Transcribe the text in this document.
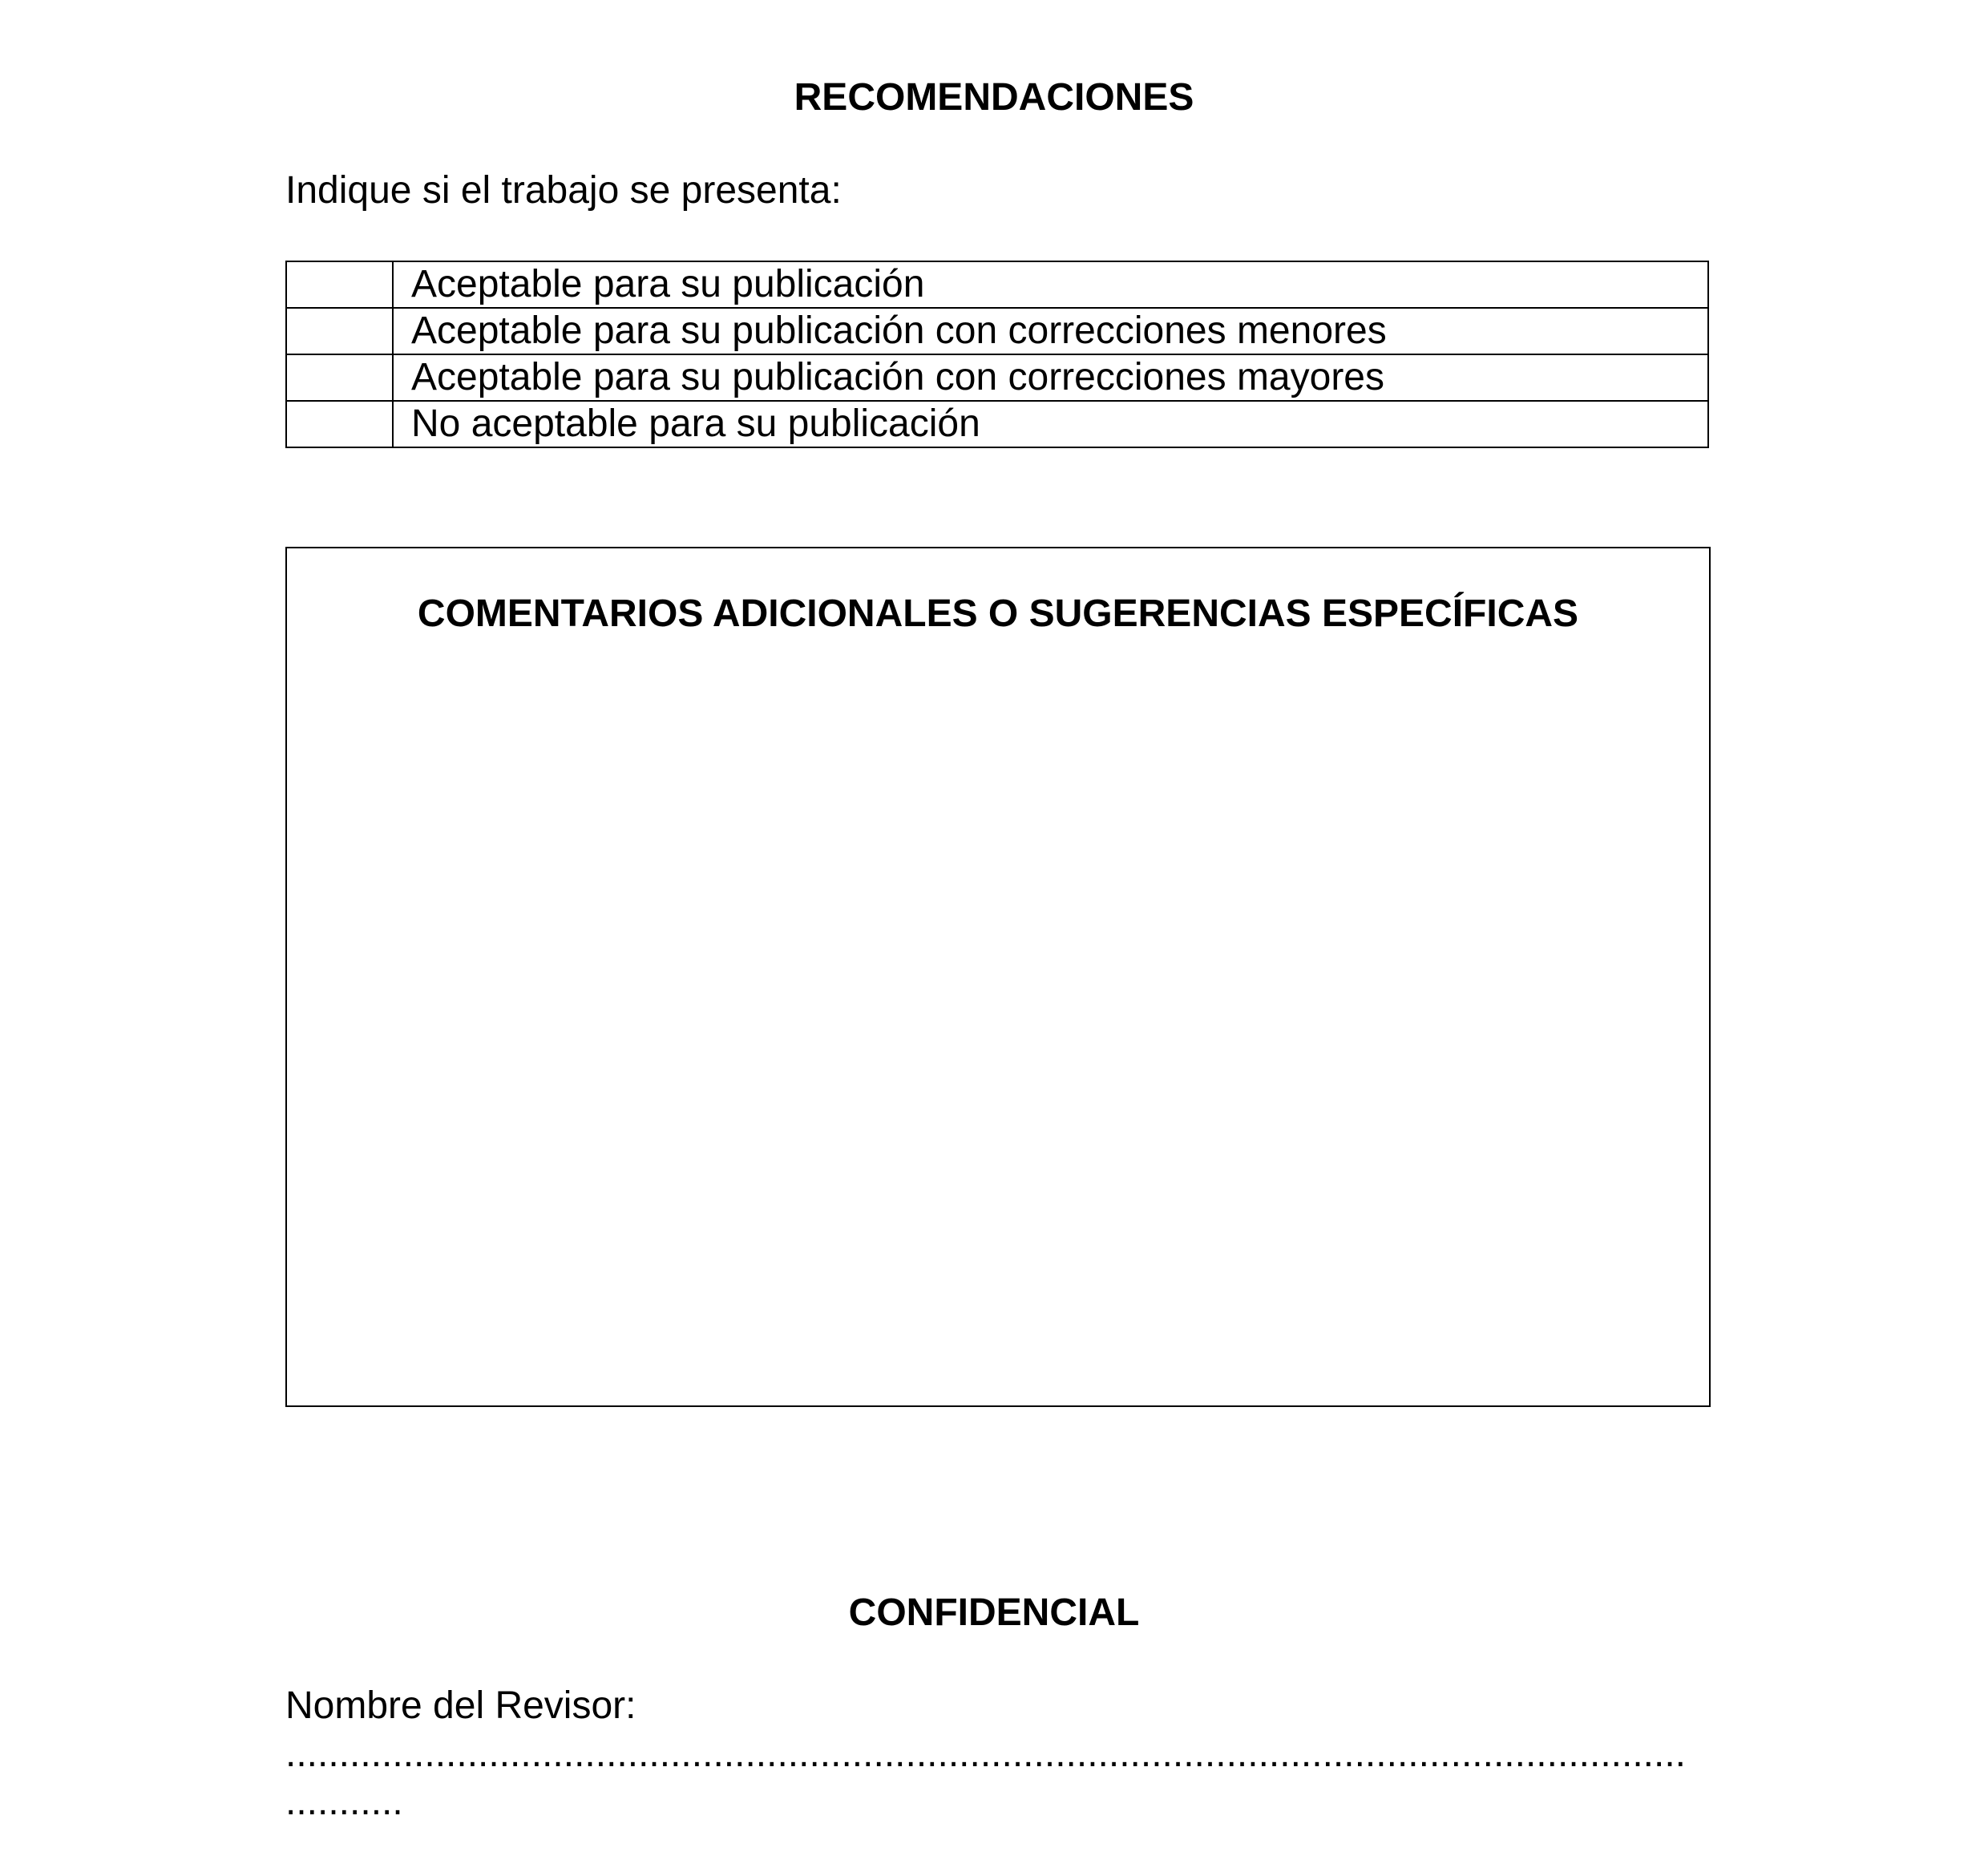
RECOMENDACIONES
Indique si el trabajo se presenta:
	Aceptable para su publicación
	Aceptable para su publicación con correcciones menores
	Aceptable para su publicación con correcciones mayores
	No aceptable para su publicación
COMENTARIOS ADICIONALES O SUGERENCIAS ESPECÍFICAS
CONFIDENCIAL
Nombre del Revisor:
...................................................................................................................................
...........
